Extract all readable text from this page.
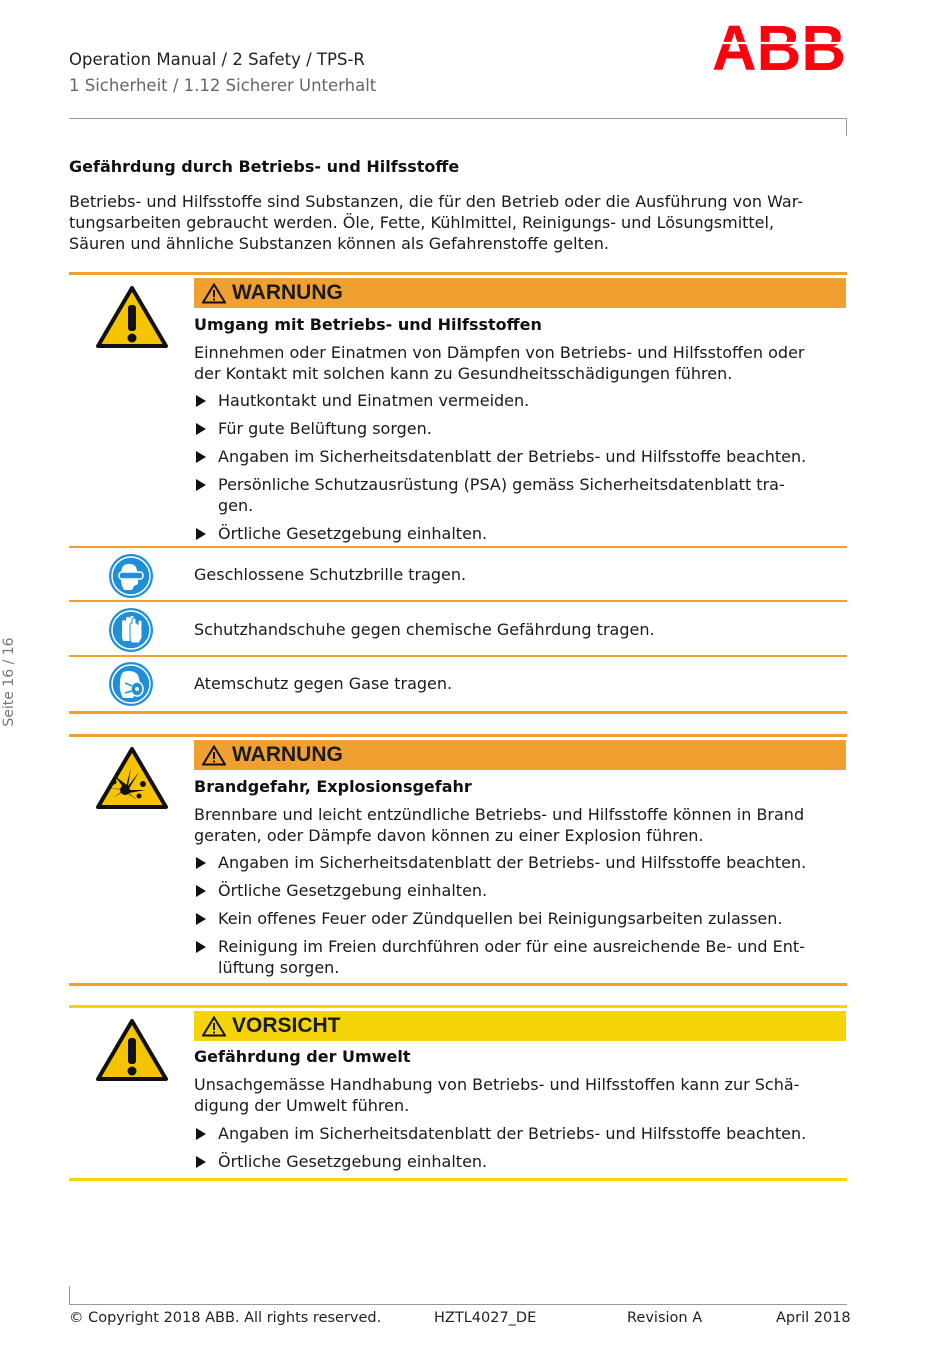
Operation Manual / 2 Safety / TPS-R
1 Sicherheit / 1.12 Sicherer Unterhalt
ABB
Seite 16 / 16
Gefährdung durch Betriebs- und Hilfsstoffe
Betriebs- und Hilfsstoffe sind Substanzen, die für den Betrieb oder die Ausführung von War-
tungsarbeiten gebraucht werden. Öle, Fette, Kühlmittel, Reinigungs- und Lösungsmittel,
Säuren und ähnliche Substanzen können als Gefahrenstoffe gelten.
WARNUNG
Umgang mit Betriebs- und Hilfsstoffen
Einnehmen oder Einatmen von Dämpfen von Betriebs- und Hilfsstoffen oder
der Kontakt mit solchen kann zu Gesundheitsschädigungen führen.
Hautkontakt und Einatmen vermeiden.
Für gute Belüftung sorgen.
Angaben im Sicherheitsdatenblatt der Betriebs- und Hilfsstoffe beachten.
Persönliche Schutzausrüstung (PSA) gemäss Sicherheitsdatenblatt tra-
gen.
Örtliche Gesetzgebung einhalten.
Geschlossene Schutzbrille tragen.
Schutzhandschuhe gegen chemische Gefährdung tragen.
Atemschutz gegen Gase tragen.
WARNUNG
Brandgefahr, Explosionsgefahr
Brennbare und leicht entzündliche Betriebs- und Hilfsstoffe können in Brand
geraten, oder Dämpfe davon können zu einer Explosion führen.
Angaben im Sicherheitsdatenblatt der Betriebs- und Hilfsstoffe beachten.
Örtliche Gesetzgebung einhalten.
Kein offenes Feuer oder Zündquellen bei Reinigungsarbeiten zulassen.
Reinigung im Freien durchführen oder für eine ausreichende Be- und Ent-
lüftung sorgen.
VORSICHT
Gefährdung der Umwelt
Unsachgemässe Handhabung von Betriebs- und Hilfsstoffen kann zur Schä-
digung der Umwelt führen.
Angaben im Sicherheitsdatenblatt der Betriebs- und Hilfsstoffe beachten.
Örtliche Gesetzgebung einhalten.
© Copyright 2018 ABB. All rights reserved.	HZTL4027_DE	Revision A	April 2018
